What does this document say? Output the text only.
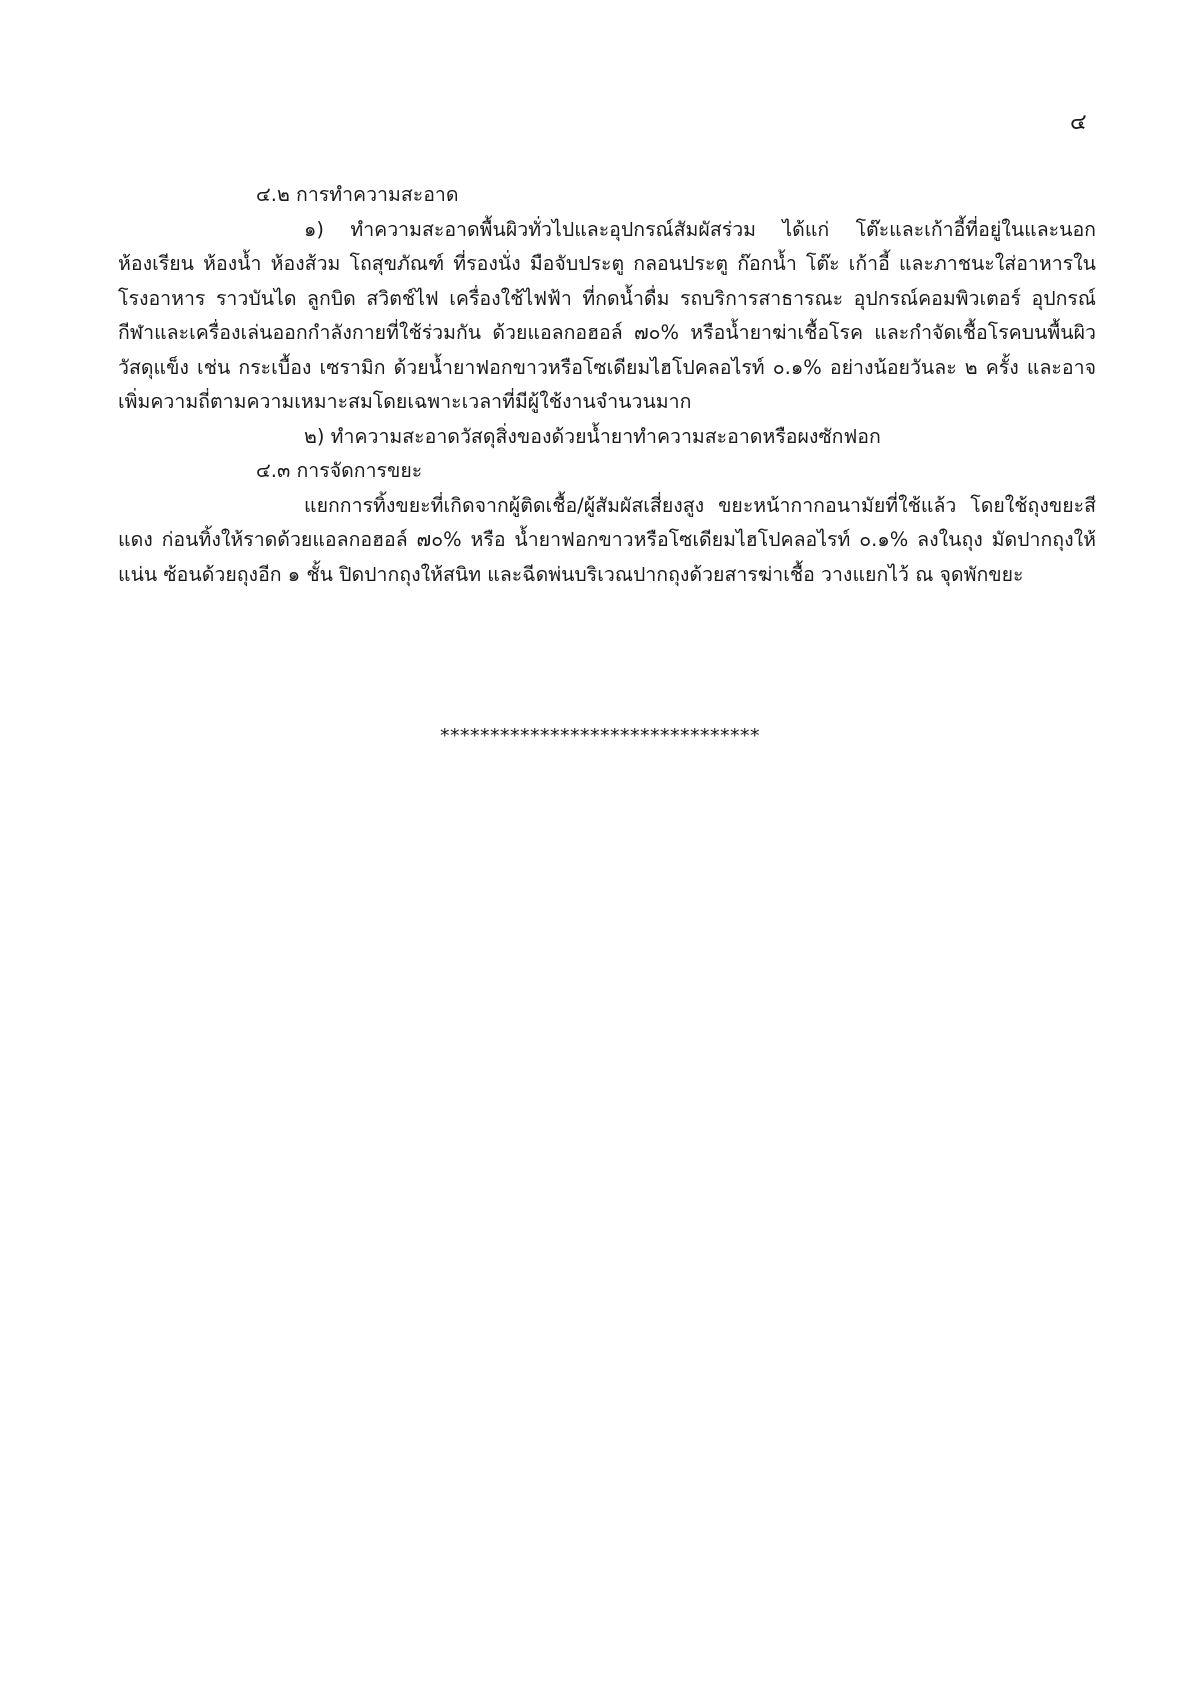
๔
๔.๒ การทำความสะอาด

๑) ทำความสะอาดพื้นผิวทั่วไปและอุปกรณ์สัมผัสร่วม ได้แก่ โต๊ะและเก้าอี้ที่อยู่ในและนอกห้องเรียน ห้องน้ำ ห้องส้วม โถสุขภัณฑ์ ที่รองนั่ง มือจับประตู กลอนประตู ก๊อกน้ำ โต๊ะ เก้าอี้ และภาชนะใส่อาหารในโรงอาหาร ราวบันได ลูกบิด สวิตช์ไฟ เครื่องใช้ไฟฟ้า ที่กดน้ำดื่ม รถบริการสาธารณะ อุปกรณ์คอมพิวเตอร์ อุปกรณ์กีฬาและเครื่องเล่นออกกำลังกายที่ใช้ร่วมกัน ด้วยแอลกอฮอล์ ๗๐% หรือน้ำยาฆ่าเชื้อโรค และกำจัดเชื้อโรคบนพื้นผิววัสดุแข็ง เช่น กระเบื้อง เซรามิก ด้วยน้ำยาฟอกขาวหรือโซเดียมไฮโปคลอไรท์ ๐.๑% อย่างน้อยวันละ ๒ ครั้ง และอาจเพิ่มความถี่ตามความเหมาะสมโดยเฉพาะเวลาที่มีผู้ใช้งานจำนวนมาก

๒) ทำความสะอาดวัสดุสิ่งของด้วยน้ำยาทำความสะอาดหรือผงซักฟอก

๔.๓ การจัดการขยะ

แยกการทิ้งขยะที่เกิดจากผู้ติดเชื้อ/ผู้สัมผัสเสี่ยงสูง ขยะหน้ากากอนามัยที่ใช้แล้ว โดยใช้ถุงขยะสีแดง ก่อนทิ้งให้ราดด้วยแอลกอฮอล์ ๗๐% หรือ น้ำยาฟอกขาวหรือโซเดียมไฮโปคลอไรท์ ๐.๑% ลงในถุง มัดปากถุงให้แน่น ซ้อนด้วยถุงอีก ๑ ชั้น ปิดปากถุงให้สนิท และฉีดพ่นบริเวณปากถุงด้วยสารฆ่าเชื้อ วางแยกไว้ ณ จุดพักขยะ

********************************
